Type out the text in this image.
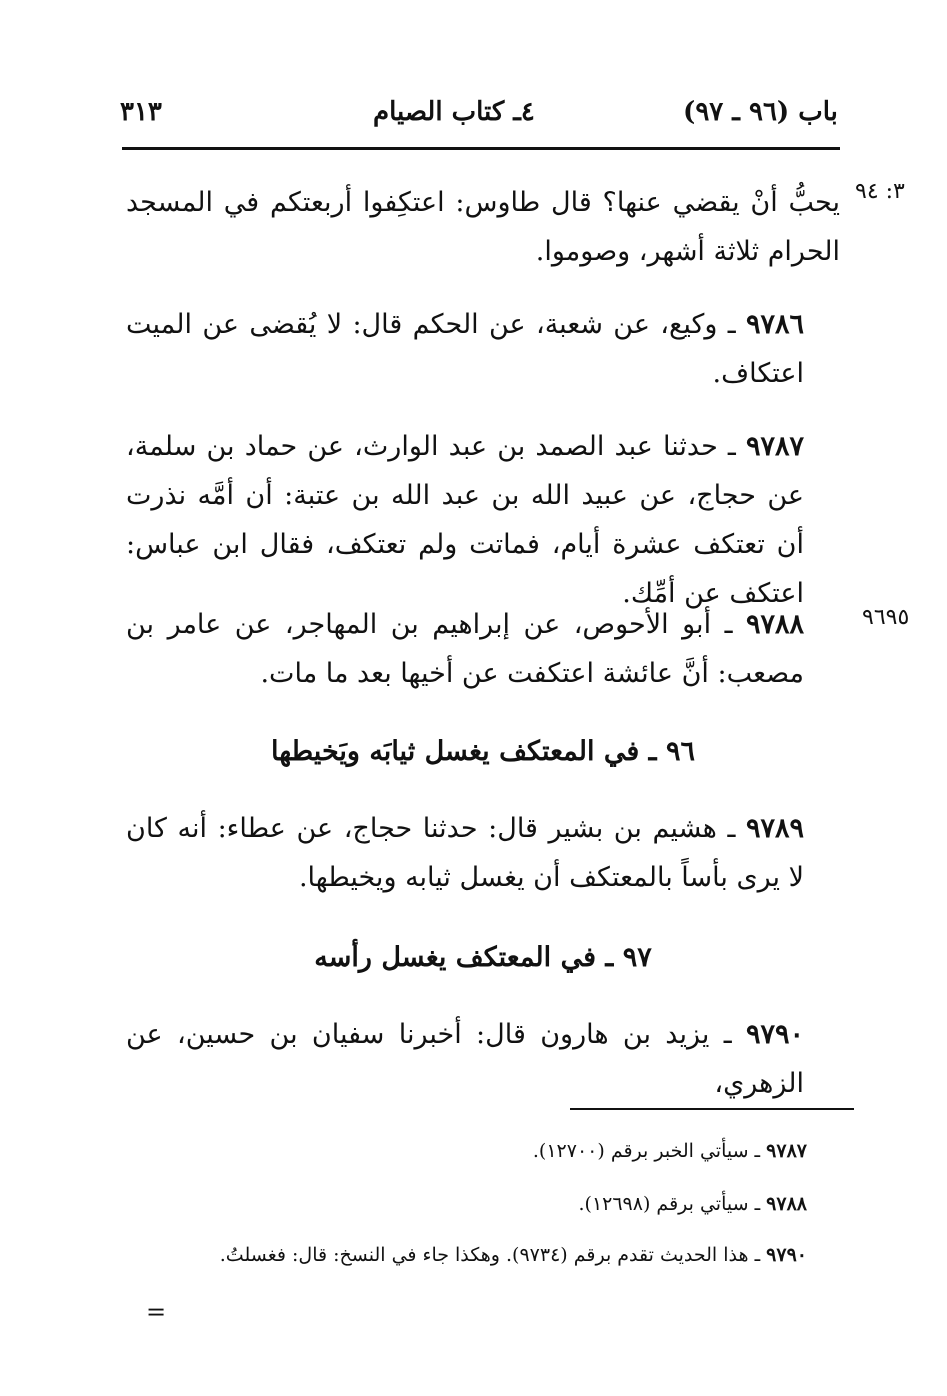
٣١٣	٤ـ كتاب الصيام	باب (٩٦ ـ ٩٧)
٣: ٩٤
٩٦٩٥

يحبُّ أنْ يقضي عنها؟ قال طاوس: اعتكِفوا أربعتكم في المسجد الحرام ثلاثة أشهر، وصوموا.

٩٧٨٦ ـ وكيع، عن شعبة، عن الحكم قال: لا يُقضى عن الميت اعتكاف.

٩٧٨٧ ـ حدثنا عبد الصمد بن عبد الوارث، عن حماد بن سلمة، عن حجاج، عن عبيد الله بن عبد الله بن عتبة: أن أمَّه نذرت أن تعتكف عشرة أيام، فماتت ولم تعتكف، فقال ابن عباس: اعتكف عن أمِّك.

٩٧٨٨ ـ أبو الأحوص، عن إبراهيم بن المهاجر، عن عامر بن مصعب: أنَّ عائشة اعتكفت عن أخيها بعد ما مات.

٩٦ ـ في المعتكف يغسل ثيابَه ويَخيطها

٩٧٨٩ ـ هشيم بن بشير قال: حدثنا حجاج، عن عطاء: أنه كان لا يرى بأساً بالمعتكف أن يغسل ثيابه ويخيطها.

٩٧ ـ في المعتكف يغسل رأسه

٩٧٩٠ ـ يزيد بن هارون قال: أخبرنا سفيان بن حسين، عن الزهري،

٩٧٨٧ ـ سيأتي الخبر برقم (١٢٧٠٠).
٩٧٨٨ ـ سيأتي برقم (١٢٦٩٨).
٩٧٩٠ ـ هذا الحديث تقدم برقم (٩٧٣٤). وهكذا جاء في النسخ: قال: فغسلتُ.
=
